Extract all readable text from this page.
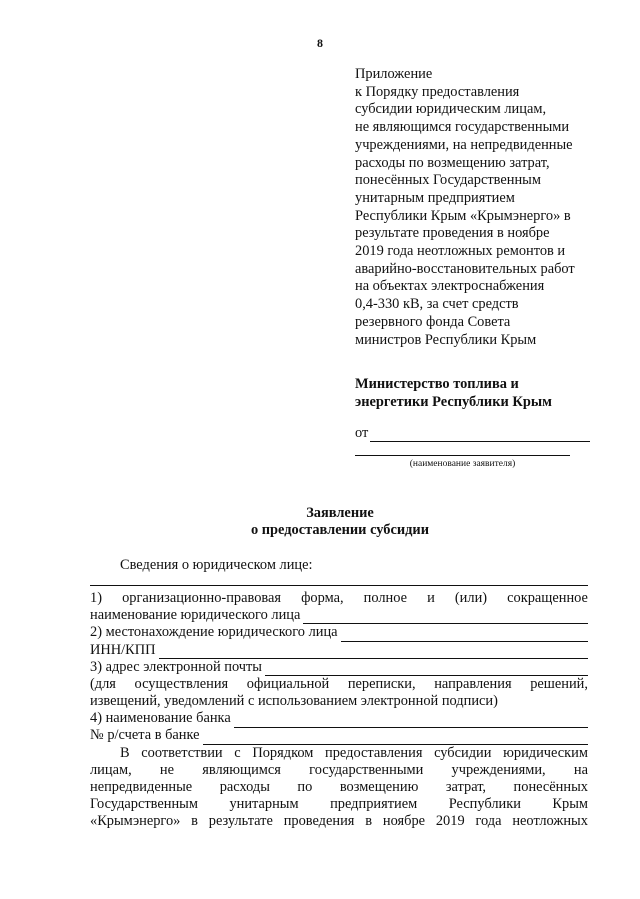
8
Приложение
к Порядку предоставления
субсидии юридическим лицам,
не являющимся государственными
учреждениями, на непредвиденные
расходы по возмещению затрат,
понесённых Государственным
унитарным предприятием
Республики Крым «Крымэнерго» в
результате проведения в ноябре
2019 года неотложных ремонтов и
аварийно-восстановительных работ
на объектах электроснабжения
0,4-330 кВ, за счет средств
резервного фонда Совета
министров Республики Крым
Министерство топлива и
энергетики Республики Крым
от
(наименование заявителя)
Заявление
о предоставлении субсидии
Сведения о юридическом лице:
1) организационно-правовая форма, полное и (или) сокращенное
наименование юридического лица
2) местонахождение юридического лица
ИНН/КПП
3) адрес электронной почты
(для осуществления официальной переписки, направления решений,
извещений, уведомлений с использованием электронной подписи)
4) наименование банка
№ р/счета в банке
В соответствии с Порядком предоставления субсидии юридическим
лицам, не являющимся государственными учреждениями, на
непредвиденные расходы по возмещению затрат, понесённых
Государственным унитарным предприятием Республики Крым
«Крымэнерго» в результате проведения в ноябре 2019 года неотложных
